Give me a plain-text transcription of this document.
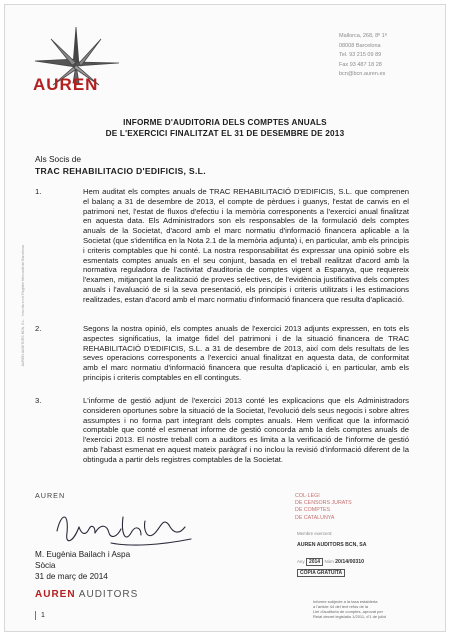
AUREN
Mallorca, 268, 8º 1ª
08008 Barcelona
Tel. 93 215 09 89
Fax 93 487 18 28
bcn@bcn.auren.es
INFORME D'AUDITORIA DELS COMPTES ANUALS
DE L'EXERCICI FINALITZAT EL 31 DE DESEMBRE DE 2013
Als Socis de
TRAC REHABILITACIO D'EDIFICIS, S.L.
1.	Hem auditat els comptes anuals de TRAC REHABILITACIÓ D'EDIFICIS, S.L. que comprenen el balanç a 31 de desembre de 2013, el compte de pèrdues i guanys, l'estat de canvis en el patrimoni net, l'estat de fluxos d'efectiu i la memòria corresponents a l'exercici anual finalitzat en aquesta data. Els Administradors son els responsables de la formulació dels comptes anuals de la Societat, d'acord amb el marc normatiu d'informació financera aplicable a la Societat (que s'identifica en la Nota 2.1 de la memòria adjunta) i, en particular, amb els principis i criteris comptables que hi conté. La nostra responsabilitat és expressar una opinió sobre els esmentats comptes anuals en el seu conjunt, basada en el treball realitzat d'acord amb la normativa reguladora de l'activitat d'auditoria de comptes vigent a Espanya, que requereix l'examen, mitjançant la realització de proves selectives, de l'evidència justificativa dels comptes anuals i l'avaluació de si la seva presentació, els principis i criteris utilitzats i les estimacions realitzades, estan d'acord amb el marc normatiu d'informació financera que resulta d'aplicació.
2.	Segons la nostra opinió, els comptes anuals de l'exercici 2013 adjunts expressen, en tots els aspectes significatius, la imatge fidel del patrimoni i de la situació financera de TRAC REHABILITACIÓ D'EDIFICIS, S.L. a 31 de desembre de 2013, així com dels resultats de les seves operacions corresponents a l'exercici anual finalitzat en aquesta data, de conformitat amb el marc normatiu d'informació financera que resulta d'aplicació i, en particular, amb els principis i criteris comptables en ell continguts.
3.	L'informe de gestió adjunt de l'exercici 2013 conté les explicacions que els Administradors consideren oportunes sobre la situació de la Societat, l'evolució dels seus negocis i sobre altres assumptes i no forma part integrant dels comptes anuals. Hem verificat que la informació comptable que conté el esmenat informe de gestió concorda amb la dels comptes anuals de l'exercici 2013. El nostre treball com a auditors es limita a la verificació de l'informe de gestió amb l'abast esmenat en aquest mateix paràgraf i no inclou la revisió d'informació diferent de la obtinguda a partir dels registres comptables de la Societat.
AUREN AUDITORS BCN, S.L. · Inscrita en el Registre Mercantil de Barcelona
AUREN
M. Eugènia Bailach i Aspa
Sòcia
31 de març de 2014
AUREN AUDITORS
1
COL·LEGI
DE CENSORS JURATS
DE COMPTES
DE CATALUNYA
Membre exercent:
AUREN AUDITORS BCN, SA
Any 2014 Núm 20/14/00310
CÒPIA GRATUÏTA
Informe subjecte a la taxa establerta
a l'article 44 del text refós de la
Llei d'auditoria de comptes, aprovat per
Reial decret legislatiu 1/2011, d'1 de juliol
